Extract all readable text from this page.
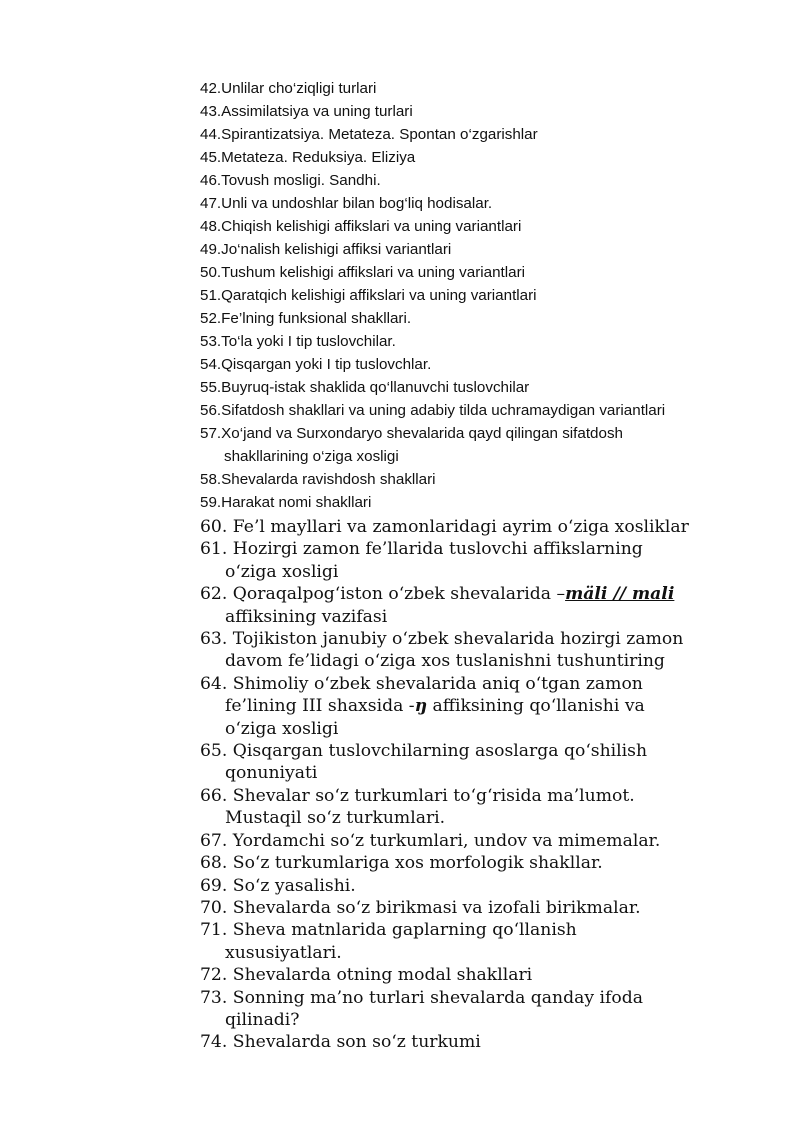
42.Unlilar cho‘ziqligi turlari
43.Assimilatsiya va uning turlari
44.Spirantizatsiya. Metateza. Spontan o‘zgarishlar
45.Metateza. Reduksiya. Eliziya
46.Tovush mosligi. Sandhi.
47.Unli va undoshlar bilan bog‘liq hodisalar.
48.Chiqish kelishigi affikslari va uning variantlari
49.Jo‘nalish kelishigi affiksi variantlari
50.Tushum kelishigi affikslari va uning variantlari
51.Qaratqich kelishigi affikslari va uning variantlari
52.Fe’lning funksional shakllari.
53.To‘la yoki I tip tuslovchilar.
54.Qisqargan yoki I tip tuslovchlar.
55.Buyruq-istak shaklida qo‘llanuvchi tuslovchilar
56.Sifatdosh shakllari va uning adabiy tilda uchramaydigan variantlari
57.Xo‘jand va Surxondaryo shevalarida qayd qilingan sifatdosh
shakllarining o‘ziga xosligi
58.Shevalarda ravishdosh shakllari
59.Harakat nomi shakllari
60. Fe’l mayllari va zamonlaridagi ayrim o‘ziga xosliklar
61. Hozirgi zamon fe’llarida tuslovchi affikslarning
o‘ziga xosligi
62. Qoraqalpog‘iston o‘zbek shevalarida –mӓli // mali
affiksining vazifasi
63. Tojikiston janubiy o‘zbek shevalarida hozirgi zamon
davom fe’lidagi o‘ziga xos tuslanishni tushuntiring
64. Shimoliy o‘zbek shevalarida aniq o‘tgan zamon
fe’lining III shaxsida -ŋ affiksining qo‘llanishi va
o‘ziga xosligi
65. Qisqargan tuslovchilarning asoslarga qo‘shilish
qonuniyati
66. Shevalar so‘z turkumlari to‘g‘risida ma’lumot.
Mustaqil so‘z turkumlari.
67. Yordamchi so‘z turkumlari, undov va mimemalar.
68. So‘z turkumlariga xos morfologik shakllar.
69. So‘z yasalishi.
70. Shevalarda so‘z birikmasi va izofali birikmalar.
71. Sheva matnlarida gaplarning qo‘llanish
xususiyatlari.
72. Shevalarda otning modal shakllari
73. Sonning ma’no turlari shevalarda qanday ifoda
qilinadi?
74. Shevalarda son so‘z turkumi
